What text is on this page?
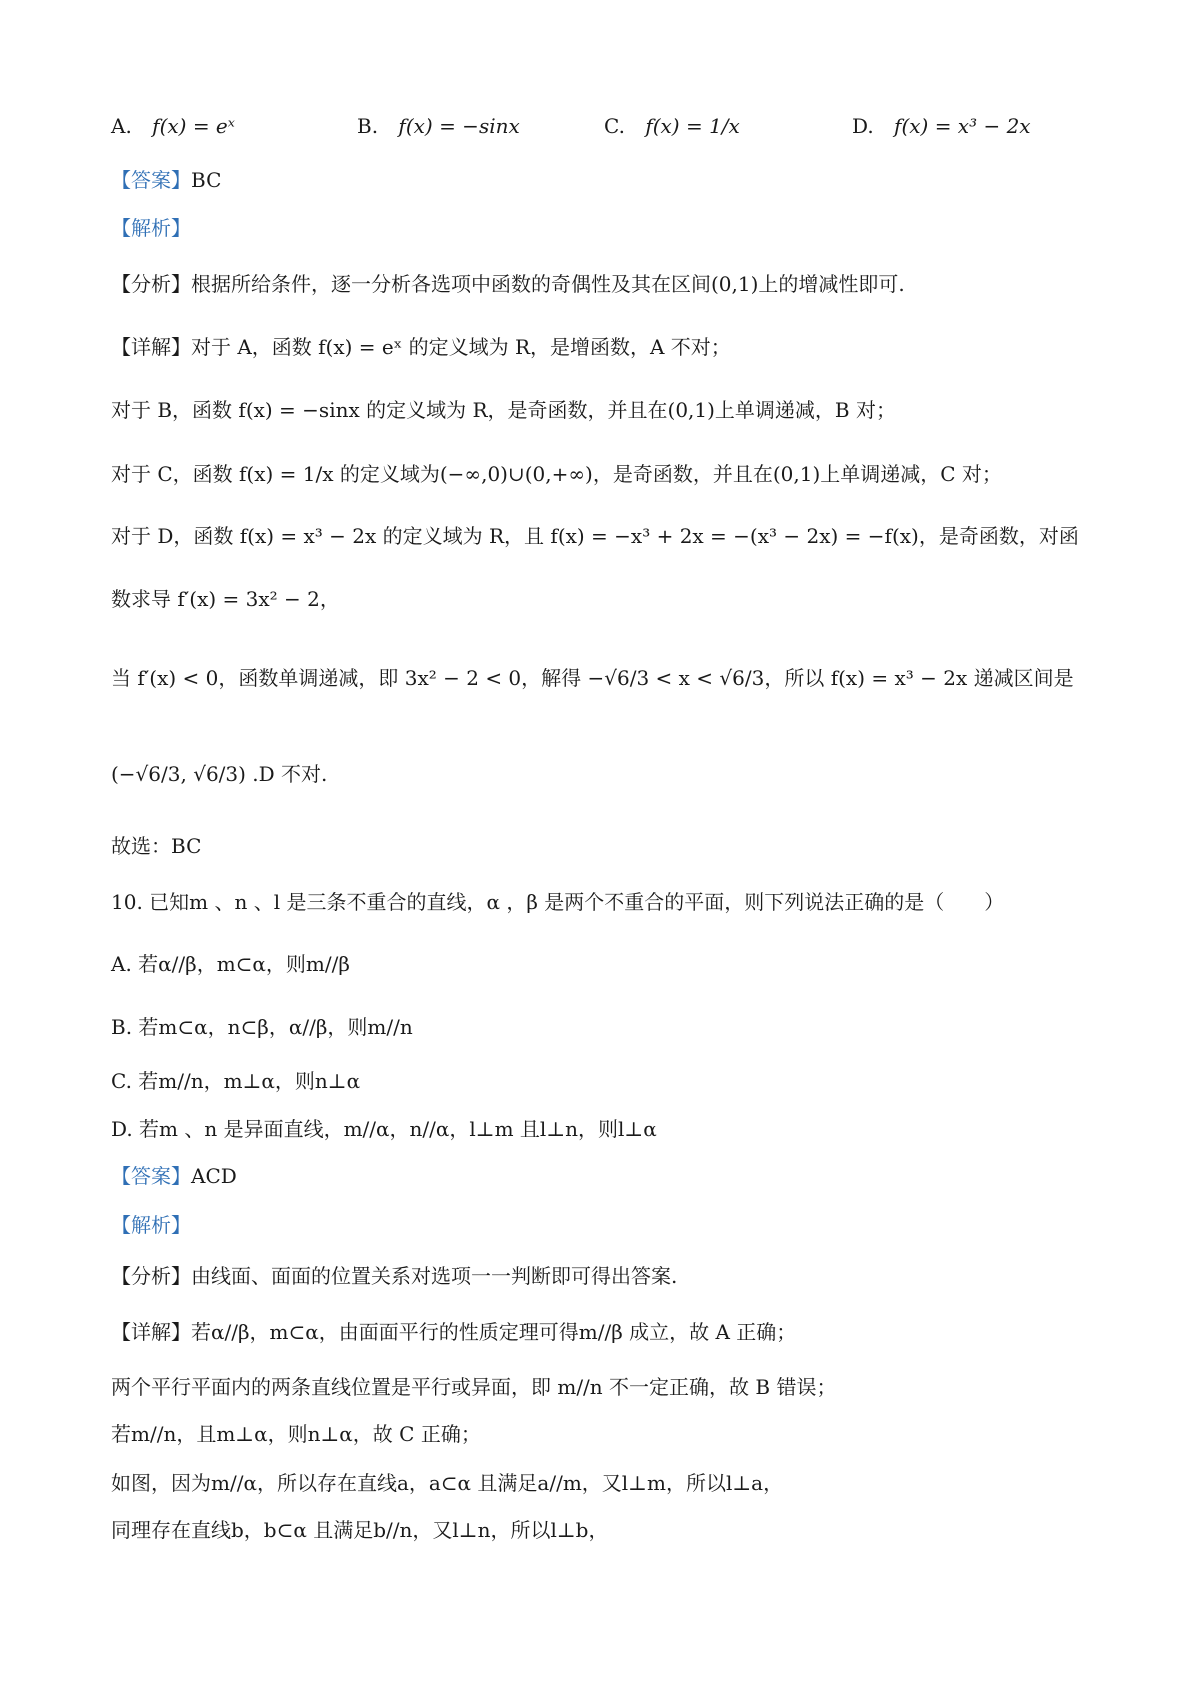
A. f(x) = eˣ	B. f(x) = −sinx	C. f(x) = 1/x	D. f(x) = x³ − 2x
【答案】BC
【解析】
【分析】根据所给条件，逐一分析各选项中函数的奇偶性及其在区间(0,1)上的增减性即可.
【详解】对于 A，函数 f(x) = eˣ 的定义域为 R，是增函数，A 不对；
对于 B，函数 f(x) = −sinx 的定义域为 R，是奇函数，并且在(0,1)上单调递减，B 对；
对于 C，函数 f(x) = 1/x 的定义域为(−∞,0)∪(0,+∞)，是奇函数，并且在(0,1)上单调递减，C 对；
对于 D，函数 f(x) = x³ − 2x 的定义域为 R，且 f(x) = −x³ + 2x = −(x³ − 2x) = −f(x)，是奇函数，对函
数求导 f′(x) = 3x² − 2，
当 f′(x) < 0，函数单调递减，即 3x² − 2 < 0，解得 −√6/3 < x < √6/3，所以 f(x) = x³ − 2x 递减区间是
(−√6/3, √6/3) .D 不对.
故选：BC
10. 已知m 、n 、l 是三条不重合的直线，α ，β 是两个不重合的平面，则下列说法正确的是（　　）
A. 若α//β，m⊂α，则m//β
B. 若m⊂α，n⊂β，α//β，则m//n
C. 若m//n，m⊥α，则n⊥α
D. 若m 、n 是异面直线，m//α，n//α，l⊥m 且l⊥n，则l⊥α
【答案】ACD
【解析】
【分析】由线面、面面的位置关系对选项一一判断即可得出答案.
【详解】若α//β，m⊂α，由面面平行的性质定理可得m//β 成立，故 A 正确；
两个平行平面内的两条直线位置是平行或异面，即 m//n 不一定正确，故 B 错误；
若m//n，且m⊥α，则n⊥α，故 C 正确；
如图，因为m//α，所以存在直线a，a⊂α 且满足a//m，又l⊥m，所以l⊥a，
同理存在直线b，b⊂α 且满足b//n，又l⊥n，所以l⊥b，
